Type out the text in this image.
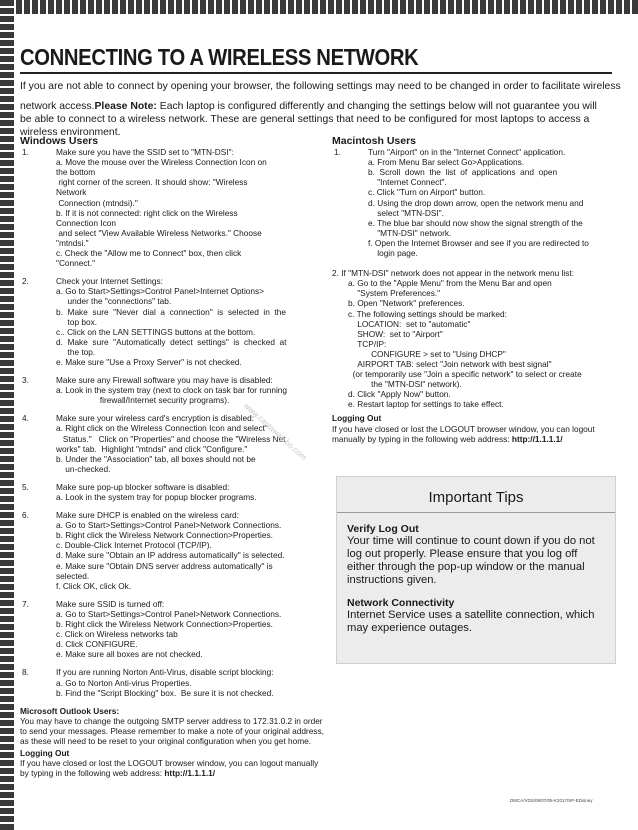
CONNECTING TO A WIRELESS NETWORK
If you are not able to connect by opening your browser, the following settings may need to be changed in order to facilitate wireless
network access.Please Note: Each laptop is configured differently and changing the settings below will not guarantee you will be able to connect to a wireless network. These are general settings that need to be configured for most laptops to access a wireless environment.
Windows Users
1.	Make sure you have the SSID set to "MTN-DSI":
a. Move the mouse over the Wireless Connection Icon on
the bottom
right corner of the screen. It should show: "Wireless
Network
Connection (mtndsi)."
b. If it is not connected: right click on the Wireless
Connection Icon
and select "View Available Wireless Networks." Choose
"mtndsi."
c. Check the "Allow me to Connect" box, then click
"Connect."
2.	Check your Internet Settings:
a. Go to Start>Settings>Control Panel>Internet Options>
under the "connections" tab.
b.  Make  sure  "Never  dial  a  connection"  is  selected  in  the
top box.
c.. Click on the LAN SETTINGS buttons at the bottom.
d.  Make  sure  "Automatically  detect  settings"  is  checked  at
the top.
e. Make sure "Use a Proxy Server" is not checked.
3.	Make sure any Firewall software you may have is disabled:
a. Look in the system tray (next to clock on task bar for running
firewall/Internet security programs).
4.	Make sure your wireless card's encryption is disabled:
a. Right click on the Wireless Connection Icon and select"
Status."   Click on "Properties" and choose the "Wireless Net
works" tab.  Highlight "mtndsi" and click "Configure."
b. Under the "Association" tab, all boxes should not be
un-checked.
5.	Make sure pop-up blocker software is disabled:
a. Look in the system tray for popup blocker programs.
6.	Make sure DHCP is enabled on the wireless card:
a. Go to Start>Settings>Control Panel>Network Connections.
b. Right click the Wireless Network Connection>Properties.
c. Double-Click Internet Protocol (TCP/IP).
d. Make sure "Obtain an IP address automatically" is selected.
e. Make sure "Obtain DNS server address automatically" is
selected.
f. Click OK, click Ok.
7.	Make sure SSID is turned off:
a. Go to Start>Settings>Control Panel>Network Connections.
b. Right click the Wireless Network Connection>Properties.
c. Click on Wireless networks tab
d. Click CONFIGURE.
e. Make sure all boxes are not checked.
8.	If you are running Norton Anti-Virus, disable script blocking:
a. Go to Norton Anti-virus Properties.
b. Find the "Script Blocking" box.  Be sure it is not checked.
Microsoft Outlook Users:
You may have to change the outgoing SMTP server address to 172.31.0.2 in order to send your messages. Please remember to make a note of your original address, as these will need to be reset to your original configuration when you get home.
Logging Out
If you have closed or lost the LOGOUT browser window, you can logout manually by typing in the following web address: http://1.1.1.1/
Macintosh Users
1.	Turn "Airport" on in the "Internet Connect" application.
a. From Menu Bar select Go>Applications.
b.  Scroll  down  the  list  of  applications  and  open
"Internet Connect".
c. Click "Turn on Airport" button.
d. Using the drop down arrow, open the network menu and
select "MTN-DSI".
e. The blue bar should now show the signal strength of the
"MTN-DSI" network.
f. Open the Internet Browser and see if you are redirected to
login page.
2. If "MTN-DSI" network does not appear in the network menu list:
a. Go to the "Apple Menu" from the Menu Bar and open
"System Preferences."
b. Open "Network" preferences.
c. The following settings should be marked:
LOCATION:  set to "automatic"
SHOW:  set to "Airport"
TCP/IP:
CONFIGURE > set to "Using DHCP"
AIRPORT TAB: select "Join network with best signal"
(or temporarily use "Join a specific network" to select or create
the "MTN-DSI" network).
d. Click "Apply Now" button.
e. Restart laptop for settings to take effect.
Logging Out
If you have closed or lost the LOGOUT browser window, you can logout manually by typing in the following web address: http://1.1.1.1/
Important Tips
Verify Log Out
Your time will continue to count down if you do not log out properly. Please ensure that you log off either through the pop-up window or the manual instructions given.
Network Connectivity
Internet Service uses a satellite connection, which may experience outages.
www.castaway-bo.com
DMCA/VDS/08/07/05-K2017/SP-EDisney
